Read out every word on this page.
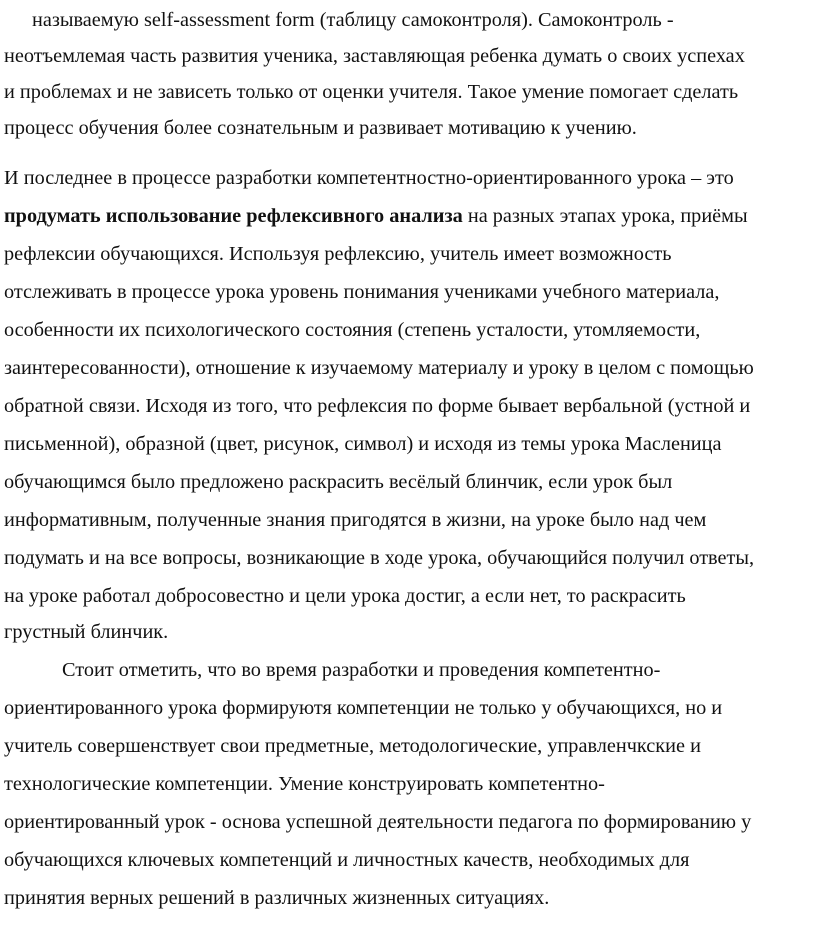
называемую self-assessment form (таблицу самоконтроля). Самоконтроль -
неотъемлемая часть развития ученика, заставляющая ребенка думать о своих успехах
и проблемах и не зависеть только от оценки учителя. Такое умение помогает сделать
процесс обучения более сознательным и развивает мотивацию к учению.
И последнее в процессе разработки компетентностно-ориентированного урока – это
продумать использование рефлексивного анализа на разных этапах урока, приёмы
рефлексии обучающихся. Используя рефлексию, учитель имеет возможность
отслеживать в процессе урока уровень понимания учениками учебного материала,
особенности их психологического состояния (степень усталости, утомляемости,
заинтересованности), отношение к изучаемому материалу и уроку в целом с помощью
обратной связи. Исходя из того, что рефлексия по форме бывает вербальной (устной и
письменной), образной (цвет, рисунок, символ) и исходя из темы урока Масленица
обучающимся было предложено раскрасить весёлый блинчик, если урок был
информативным, полученные знания пригодятся в жизни, на уроке было над чем
подумать и на все вопросы, возникающие в ходе урока, обучающийся получил ответы,
на уроке работал добросовестно и цели урока достиг, а если нет, то раскрасить
грустный блинчик.
Стоит отметить, что во время разработки и проведения компетентно-
ориентированного урока формируютя компетенции не только у обучающихся, но и
учитель совершенствует свои предметные, методологические, управленчкские и
технологические компетенции. Умение конструировать компетентно-
ориентированный урок - основа успешной деятельности педагога по формированию у
обучающихся ключевых компетенций и личностных качеств, необходимых для
принятия верных решений в различных жизненных ситуациях.
